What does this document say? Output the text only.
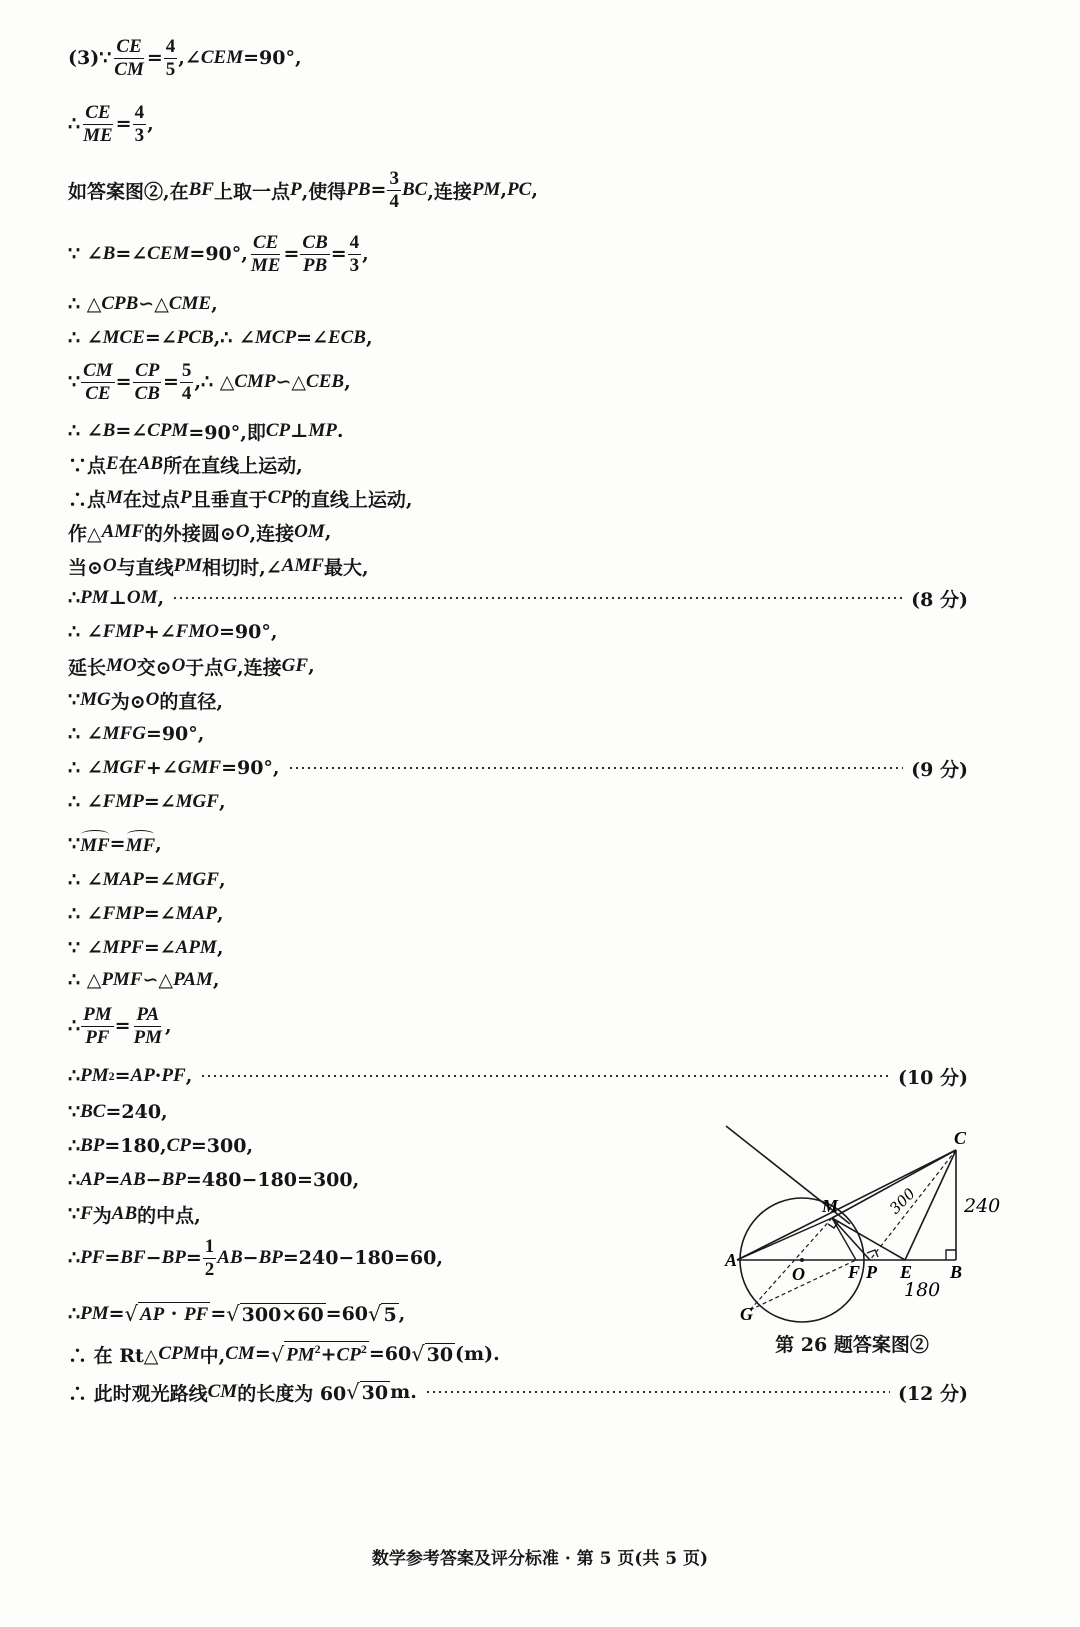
(3)∵ $\frac{CE}{CM} = \frac{4}{5}$ ,∠ CEM =90°,
∴ $\frac{CE}{ME} = \frac{4}{3}$ ,
如答案图②,在 BF 上取一点 P ,使得 PB = $\frac{3}{4}$ BC ,连接 PM , PC ,
∵ ∠ B =∠ CEM =90°, $\frac{CE}{ME} = \frac{CB}{PB} = \frac{4}{3}$ ,
∴ △ CPB ∽△ CME ,
∴ ∠ MCE =∠ PCB ,∴ ∠ MCP =∠ ECB ,
∵ $\frac{CM}{CE} = \frac{CP}{CB} = \frac{5}{4}$ ,∴ △ CMP ∽△ CEB ,
∴ ∠ B =∠ CPM =90°,即 CP ⊥ MP .
∵点 E 在 AB 所在直线上运动,
∴点 M 在过点 P 且垂直于 CP 的直线上运动,
作△ AMF 的外接圆⊙ O ,连接 OM ,
当⊙ O 与直线 PM 相切时,∠ AMF 最大,
∴ PM ⊥ OM ,	(8 分)
∴ ∠ FMP +∠ FMO =90°,
延长 MO 交⊙ O 于点 G ,连接 GF ,
∵ MG 为⊙ O 的直径,
∴ ∠ MFG =90°,
∴ ∠ MGF +∠ GMF =90°,	(9 分)
∴ ∠ FMP =∠ MGF ,
∵ MF = MF ,
∴ ∠ MAP =∠ MGF ,
∴ ∠ FMP =∠ MAP ,
∵ ∠ MPF =∠ APM ,
∴ △ PMF ∽△ PAM ,
∴ $\frac{PM}{PF} = \frac{PA}{PM}$ ,
∴ PM 2 = AP · PF ,	(10 分)
∵ BC =240,
∴ BP =180, CP =300,
∴ AP = AB − BP =480−180=300,
∵ F 为 AB 的中点,
∴ PF = BF − BP = $\frac{1}{2}$ AB − BP =240−180=60,
∴ PM = √ AP · PF = √ 300×60 =60 √ 5 ,
∴ 在 Rt△ CPM 中, CM = √ $PM^2+CP^2 =60$ √ 30 (m).
∴ 此时观光路线 CM 的长度为 60 √ 30 m.	(12 分)
C
M
A
O F P E B
G
300 240
180
第 26 题答案图②
数学参考答案及评分标准 · 第 5 页(共 5 页)
